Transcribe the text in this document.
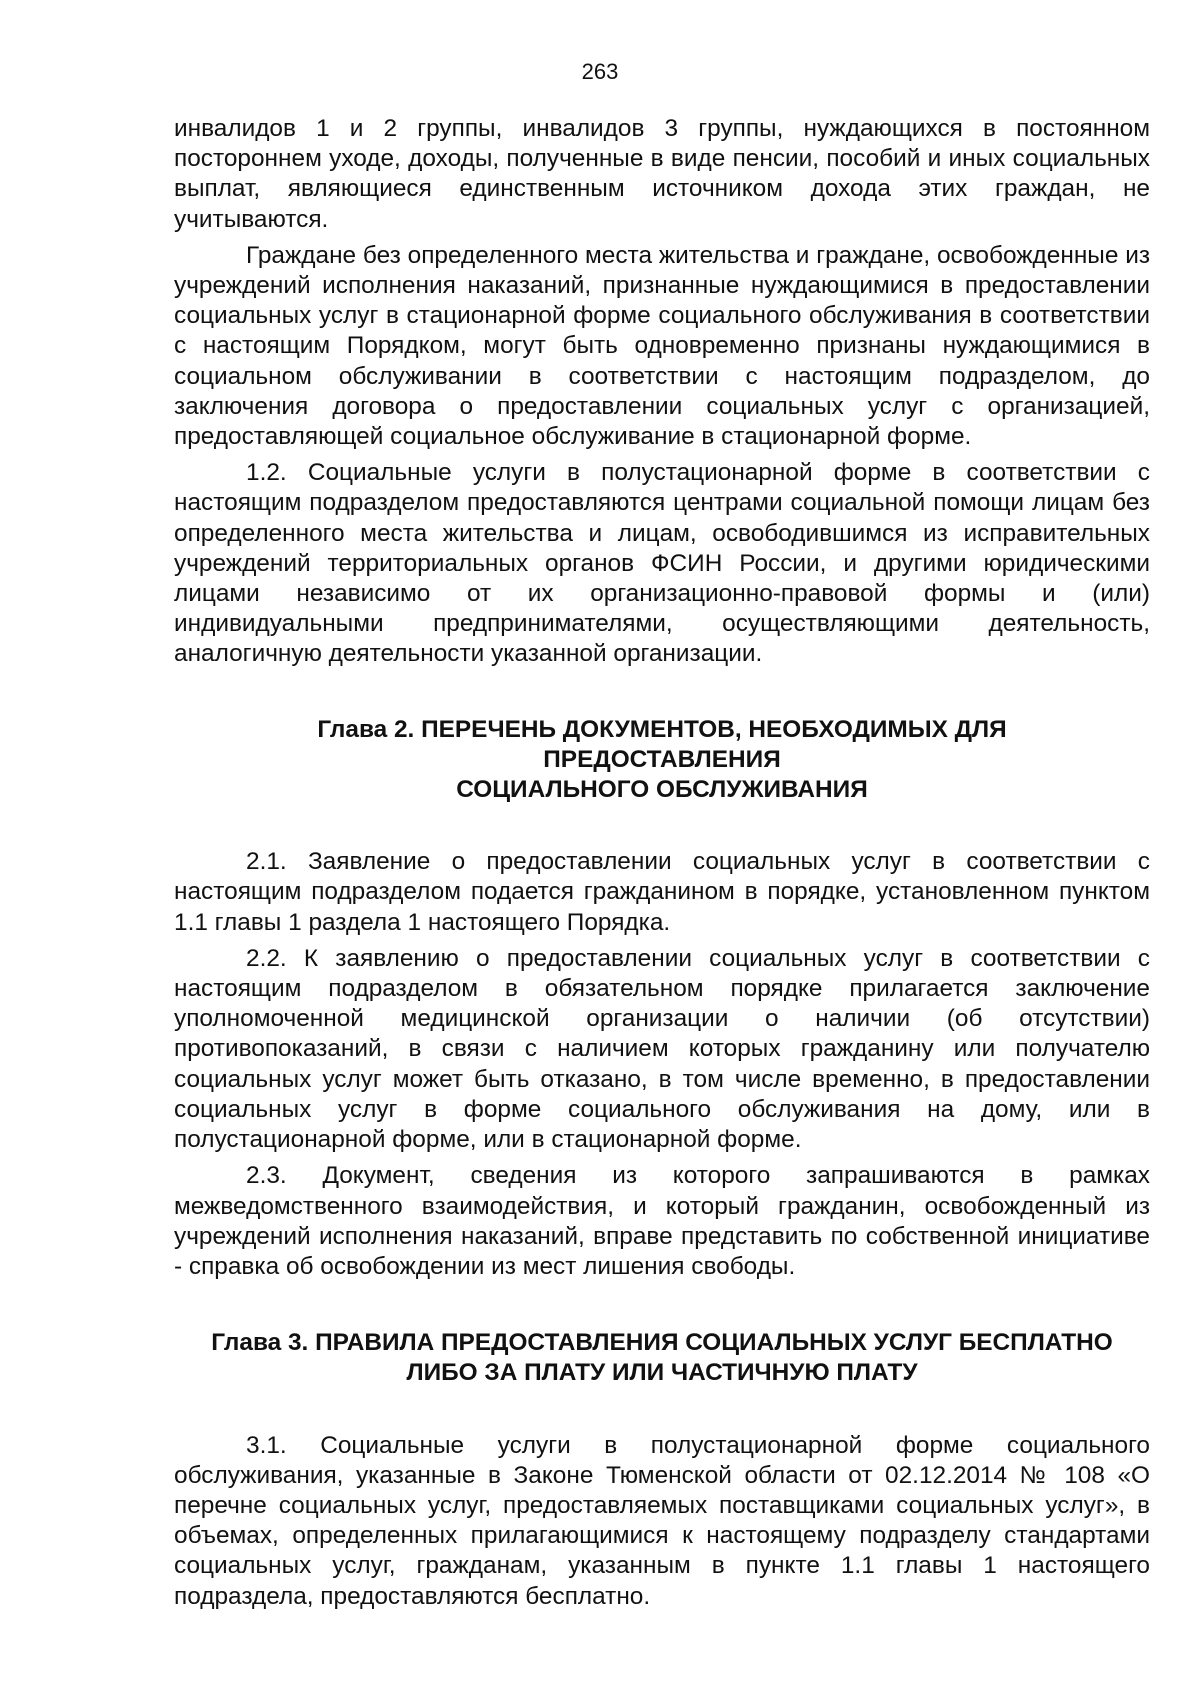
263

инвалидов 1 и 2 группы, инвалидов 3 группы, нуждающихся в постоянном постороннем уходе, доходы, полученные в виде пенсии, пособий и иных социальных выплат, являющиеся единственным источником дохода этих граждан, не учитываются.

Граждане без определенного места жительства и граждане, освобожденные из учреждений исполнения наказаний, признанные нуждающимися в предоставлении социальных услуг в стационарной форме социального обслуживания в соответствии с настоящим Порядком, могут быть одновременно признаны нуждающимися в социальном обслуживании в соответствии с настоящим подразделом, до заключения договора о предоставлении социальных услуг с организацией, предоставляющей социальное обслуживание в стационарной форме.

1.2. Социальные услуги в полустационарной форме в соответствии с настоящим подразделом предоставляются центрами социальной помощи лицам без определенного места жительства и лицам, освободившимся из исправительных учреждений территориальных органов ФСИН России, и другими юридическими лицами независимо от их организационно-правовой формы и (или) индивидуальными предпринимателями, осуществляющими деятельность, аналогичную деятельности указанной организации.

Глава 2. ПЕРЕЧЕНЬ ДОКУМЕНТОВ, НЕОБХОДИМЫХ ДЛЯ
ПРЕДОСТАВЛЕНИЯ
СОЦИАЛЬНОГО ОБСЛУЖИВАНИЯ

2.1. Заявление о предоставлении социальных услуг в соответствии с настоящим подразделом подается гражданином в порядке, установленном пунктом 1.1 главы 1 раздела 1 настоящего Порядка.

2.2. К заявлению о предоставлении социальных услуг в соответствии с настоящим подразделом в обязательном порядке прилагается заключение уполномоченной медицинской организации о наличии (об отсутствии) противопоказаний, в связи с наличием которых гражданину или получателю социальных услуг может быть отказано, в том числе временно, в предоставлении социальных услуг в форме социального обслуживания на дому, или в полустационарной форме, или в стационарной форме.

2.3. Документ, сведения из которого запрашиваются в рамках межведомственного взаимодействия, и который гражданин, освобожденный из учреждений исполнения наказаний, вправе представить по собственной инициативе - справка об освобождении из мест лишения свободы.

Глава 3. ПРАВИЛА ПРЕДОСТАВЛЕНИЯ СОЦИАЛЬНЫХ УСЛУГ БЕСПЛАТНО
ЛИБО ЗА ПЛАТУ ИЛИ ЧАСТИЧНУЮ ПЛАТУ

3.1. Социальные услуги в полустационарной форме социального обслуживания, указанные в Законе Тюменской области от 02.12.2014 № 108 «О перечне социальных услуг, предоставляемых поставщиками социальных услуг», в объемах, определенных прилагающимися к настоящему подразделу стандартами социальных услуг, гражданам, указанным в пункте 1.1 главы 1 настоящего подраздела, предоставляются бесплатно.
